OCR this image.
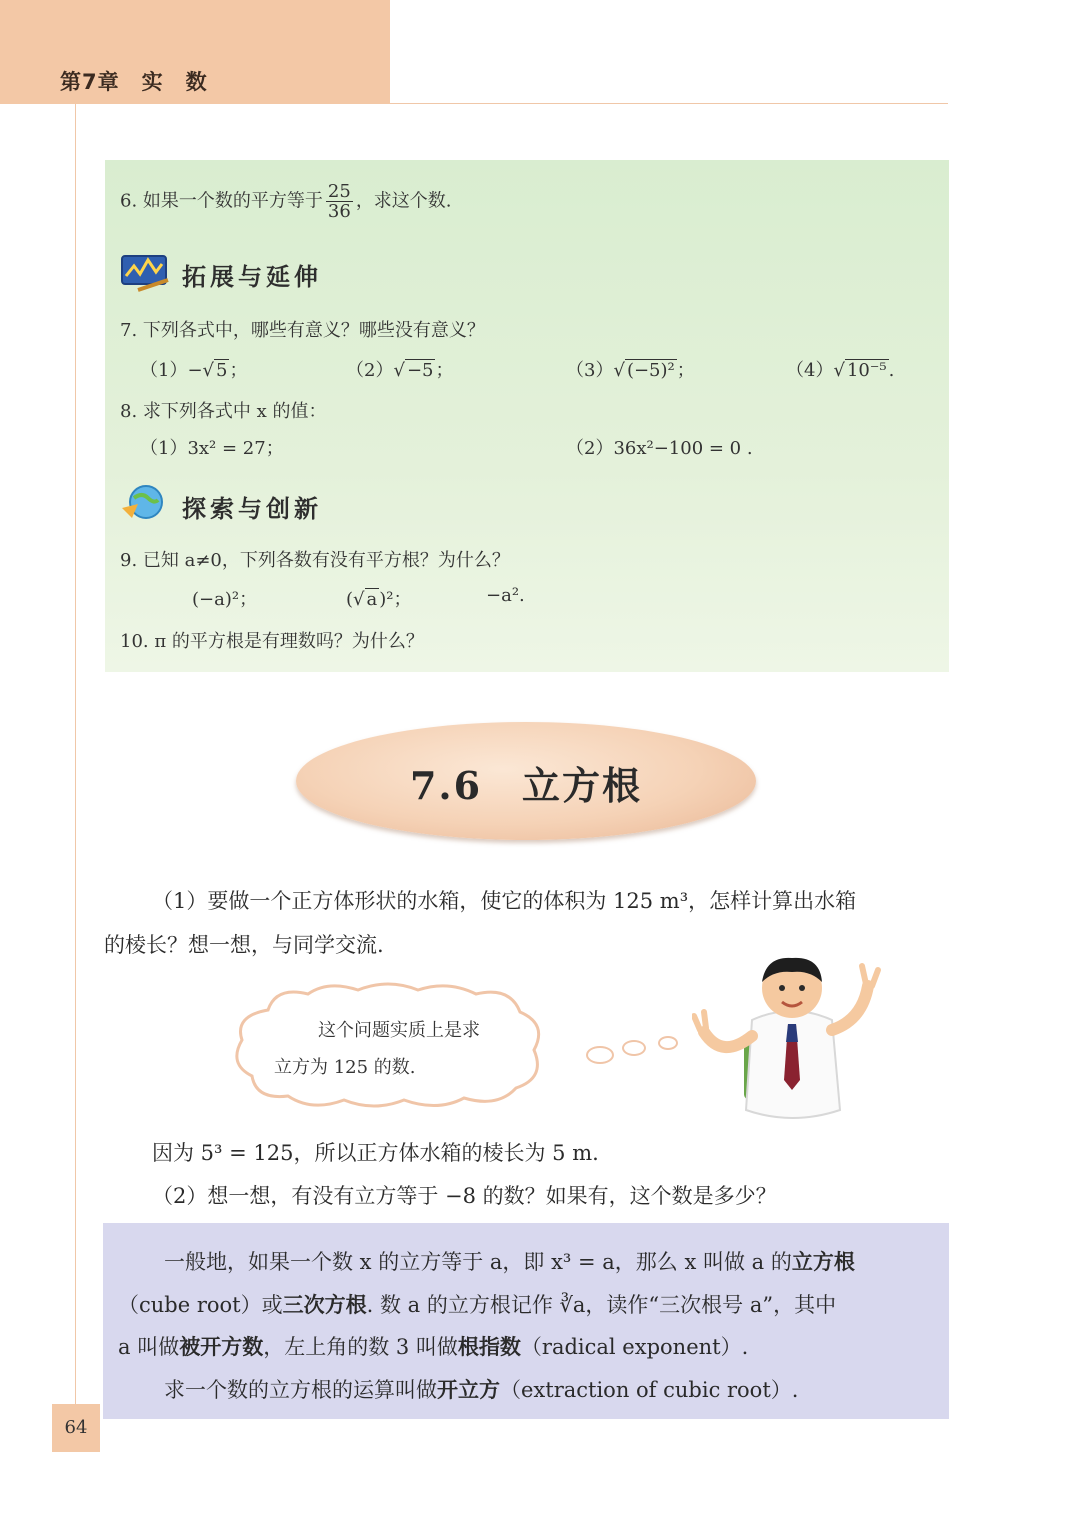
第7章　实　数
6. 如果一个数的平方等于 $\frac{25}{36}$ ，求这个数.
拓展与延伸
7. 下列各式中，哪些有意义？哪些没有意义？
（1）−√ 5 ；	（2）√ −5 ；	（3）√ (−5)² ；	（4）√ 10⁻⁵ .
8. 求下列各式中 x 的值：
（1）3x² = 27；	（2）36x²−100 = 0 .
探索与创新
9. 已知 a≠0，下列各数有没有平方根？为什么？
(−a)²；	(√ a )²；	−a².
10. π 的平方根是有理数吗？为什么？
7.6　立方根
（1）要做一个正方体形状的水箱，使它的体积为 125 m³，怎样计算出水箱
的棱长？想一想，与同学交流.
这个问题实质上是求
立方为 125 的数.
因为 5³ = 125，所以正方体水箱的棱长为 5 m.
（2）想一想，有没有立方等于 −8 的数？如果有，这个数是多少？
一般地，如果一个数 x 的立方等于 a，即 x³ = a，那么 x 叫做 a 的立方根
（cube root）或三次方根. 数 a 的立方根记作 ∛a，读作“三次根号 a”，其中
a 叫做被开方数，左上角的数 3 叫做根指数（radical exponent）.
求一个数的立方根的运算叫做开立方（extraction of cubic root）.
64
